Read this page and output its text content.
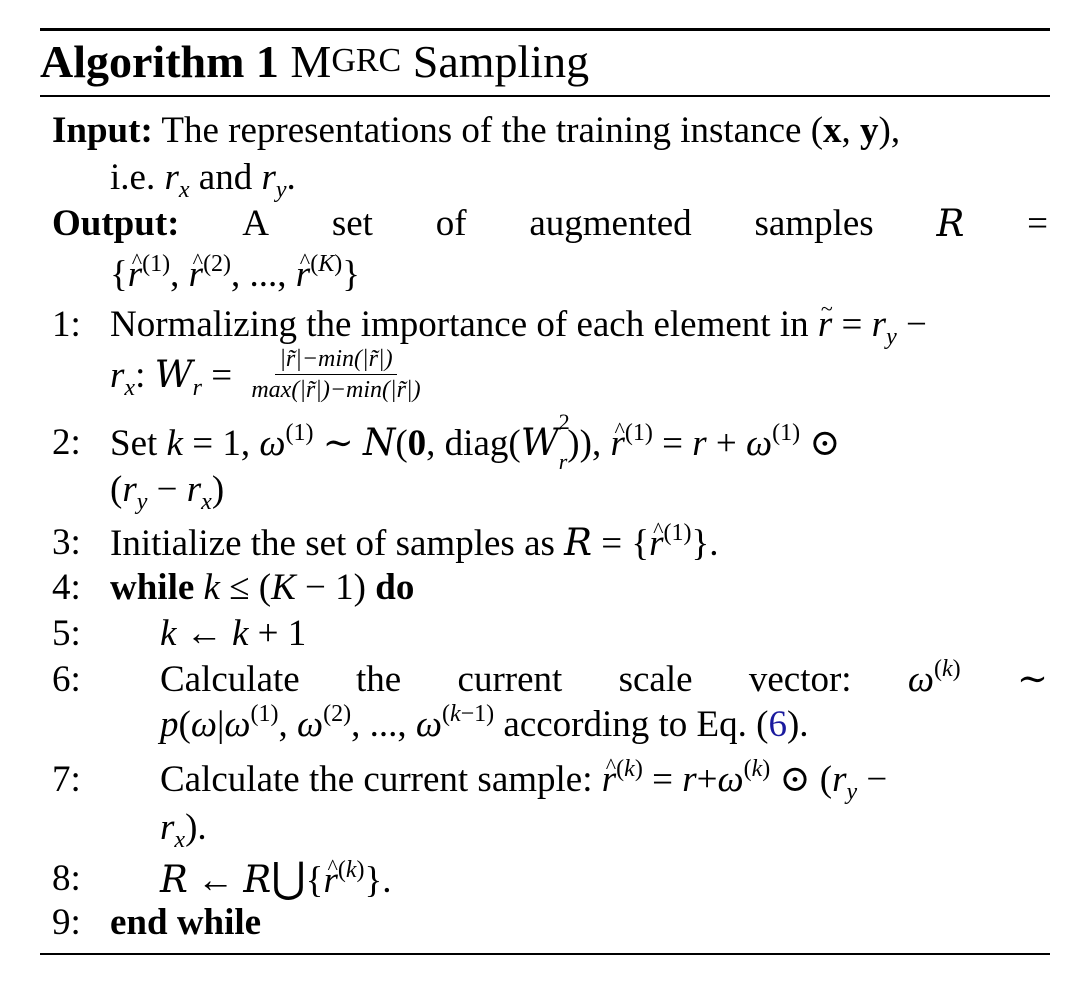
Algorithm 1
M GRC
Sampling
Input: The representations of the training instance (x, y),
i.e. $r_x$ and $r_y$.
Output: A set of augmented samples R =
{^ $r^{(1)}$, ^ $r^{(2)}$, ..., ^ $r^{(K)}$}
1: Normalizing the importance of each element in ~ $r = r_y$ −
$r_x$: $W_r = \frac{|r̃|-\min(|r̃|)}{\max(|r̃|)-\min(|r̃|)}$
2: Set k = 1, $\omega^{(1)}$ ∼ N(0, diag(W 2
r)), ^ $r^{(1)} = r + \omega^{(1)}$ ⊙
$(r_y - r_x)$
3: Initialize the set of samples as R = {^ $r^{(1)}$}.
4: while k ≤ (K − 1) do
5: k ← k + 1
6: Calculate the current scale vector: $\omega^{(k)}$ ∼
$p(\omega|\omega^{(1)}$, $\omega^{(2)}$, ..., $\omega^{(k-1)}$ according to Eq. (6).
7: Calculate the current sample: ^ $r^{(k)} = r+\omega^{(k)}$ ⊙ ($r_y$ −
$r_x$).
8: R ← R⋃{^ $r^{(k)}$}.
9: end while
